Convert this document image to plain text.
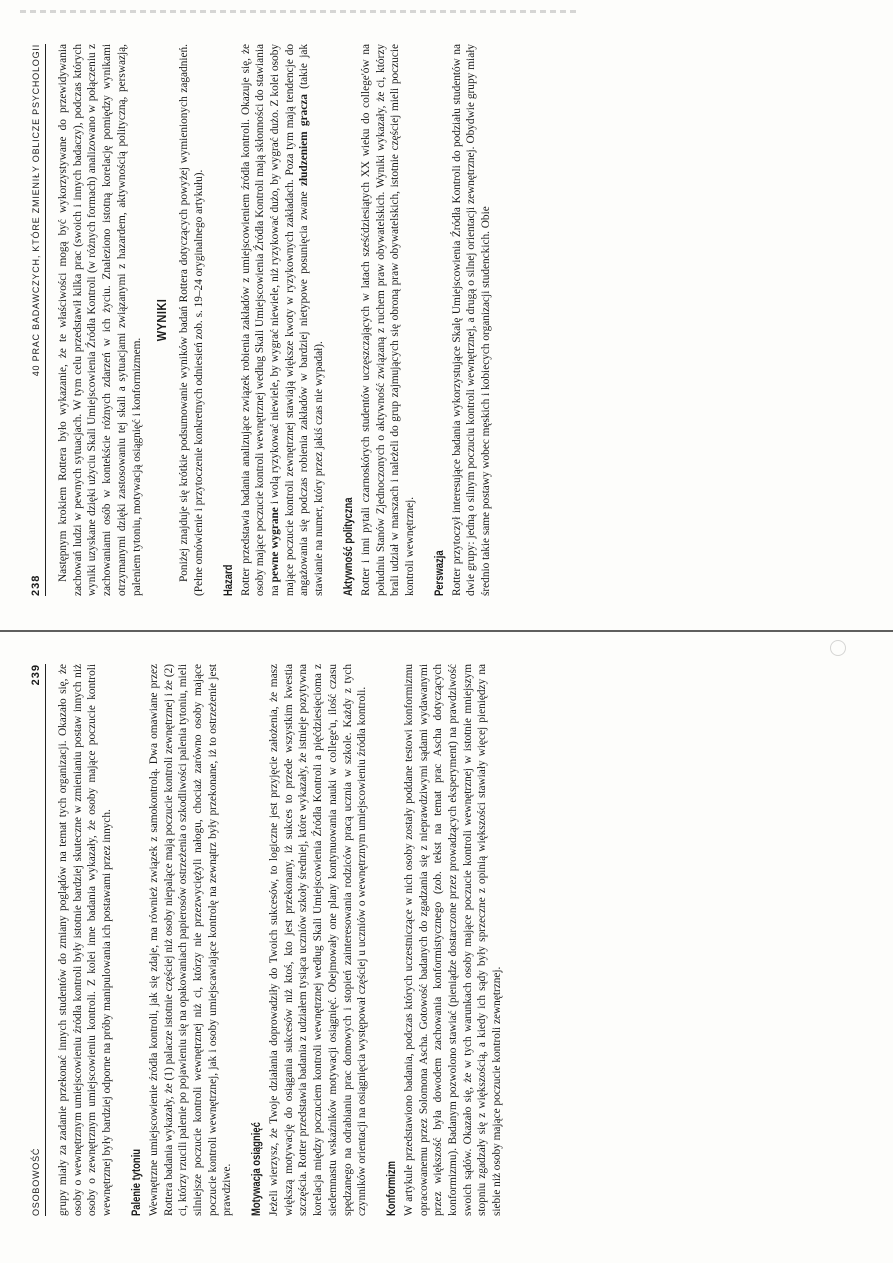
238
40 PRAC BADAWCZYCH, KTÓRE ZMIENIŁY OBLICZE PSYCHOLOGII Następnym krokiem Rottera było wykazanie, że te właściwości mogą być wykorzystywane do przewidywania zachowań ludzi w pewnych sytuacjach. W tym celu przedstawił kilka prac (swoich i innych badaczy), podczas których wyniki uzyskane dzięki użyciu Skali Umiejscowienia Źródła Kontroli (w różnych formach) analizowano w połączeniu z zachowaniami osób w kontekście różnych zdarzeń w ich życiu. Znaleziono istotną korelację pomiędzy wynikami otrzymanymi dzięki zastosowaniu tej skali a sytuacjami związanymi z hazardem, aktywnością polityczną, perswazją, paleniem tytoniu, motywacją osiągnięć i konformizmem.

WYNIKI Poniżej znajduje się krótkie podsumowanie wyników badań Rottera dotyczących powyżej wymienionych zagadnień. (Pełne omówienie i przytoczenie konkretnych odniesień zob. s. 19–24 oryginalnego artykułu). Hazard Rotter przedstawia badania analizujące związek robienia zakładów z umiejscowieniem źródła kontroli. Okazuje się, że osoby mające poczucie kontroli wewnętrznej według Skali Umiejscowienia Źródła Kontroli mają skłonności do stawiania na pewne wygrane i wolą ryzykować niewiele, by wygrać niewiele, niż ryzykować dużo, by wygrać dużo. Z kolei osoby mające poczucie kontroli zewnętrznej stawiają większe kwoty w ryzykownych zakładach. Poza tym mają tendencje do angażowania się podczas robienia zakładów w bardziej nietypowe posunięcia zwane złudzeniem gracza (takie jak stawianie na numer, który przez jakiś czas nie wypadał). Aktywność polityczna Rotter i inni pytali czarnoskórych studentów uczęszczających w latach sześćdziesiątych XX wieku do college'ów na południu Stanów Zjednoczonych o aktywność związaną z ruchem praw obywatelskich. Wyniki wykazały, że ci, którzy brali udział w marszach i należeli do grup zajmujących się obroną praw obywatelskich, istotnie częściej mieli poczucie kontroli wewnętrznej. Perswazja Rotter przytoczył interesujące badania wykorzystujące Skalę Umiejscowienia Źródła Kontroli do podziału studentów na dwie grupy: jedną o silnym poczuciu kontroli wewnętrznej, a drugą o silnej orientacji zewnętrznej. Obydwie grupy miały średnio takie same postawy wobec męskich i kobiecych organizacji studenckich. Obie

OSOBOWOŚĆ
239 grupy miały za zadanie przekonać innych studentów do zmiany poglądów na temat tych organizacji. Okazało się, że osoby o wewnętrznym umiejscowieniu źródła kontroli były istotnie bardziej skuteczne w zmienianiu postaw innych niż osoby o zewnętrznym umiejscowieniu kontroli. Z kolei inne badania wykazały, że osoby mające poczucie kontroli wewnętrznej były bardziej odporne na próby manipulowania ich postawami przez innych. Palenie tytoniu Wewnętrzne umiejscowienie źródła kontroli, jak się zdaje, ma również związek z samokontrolą. Dwa omawiane przez Rottera badania wykazały, że (1) palacze istotnie częściej niż osoby niepalące mają poczucie kontroli zewnętrznej i że (2) ci, którzy rzucili palenie po pojawieniu się na opakowaniach papierosów ostrzeżenia o szkodliwości palenia tytoniu, mieli silniejsze poczucie kontroli wewnętrznej niż ci, którzy nie przezwyciężyli nałogu, chociaż zarówno osoby mające poczucie kontroli wewnętrznej, jak i osoby umiejscawiające kontrolę na zewnątrz były przekonane, iż to ostrzeżenie jest prawdziwe. Motywacja osiągnięć Jeżeli wierzysz, że Twoje działania doprowadziły do Twoich sukcesów, to logiczne jest przyjęcie założenia, że masz większą motywację do osiągania sukcesów niż ktoś, kto jest przekonany, iż sukces to przede wszystkim kwestia szczęścia. Rotter przedstawia badania z udziałem tysiąca uczniów szkoły średniej, które wykazały, że istnieje pozytywna korelacja między poczuciem kontroli wewnętrznej według Skali Umiejscowienia Źródła Kontroli a pięćdziesięcioma z siedemnastu wskaźników motywacji osiągnięć. Obejmowały one plany kontynuowania nauki w college'u, ilość czasu spędzanego na odrabianiu prac domowych i stopień zainteresowania rodziców pracą ucznia w szkole. Każdy z tych czynników orientacji na osiągnięcia występował częściej u uczniów o wewnętrznym umiejscowieniu źródła kontroli. Konformizm W artykule przedstawiono badania, podczas których uczestniczące w nich osoby zostały poddane testowi konformizmu opracowanemu przez Solomona Ascha. Gotowość badanych do zgadzania się z nieprawdziwymi sądami wydawanymi przez większość była dowodem zachowania konformistycznego (zob. tekst na temat prac Ascha dotyczących konformizmu). Badanym pozwolono stawiać (pieniądze dostarczone przez prowadzących eksperyment) na prawdziwość swoich sądów. Okazało się, że w tych warunkach osoby mające poczucie kontroli wewnętrznej w istotnie mniejszym stopniu zgadzały się z większością, a kiedy ich sądy były sprzeczne z opinią większości stawiały więcej pieniędzy na siebie niż osoby mające poczucie kontroli zewnętrznej.
